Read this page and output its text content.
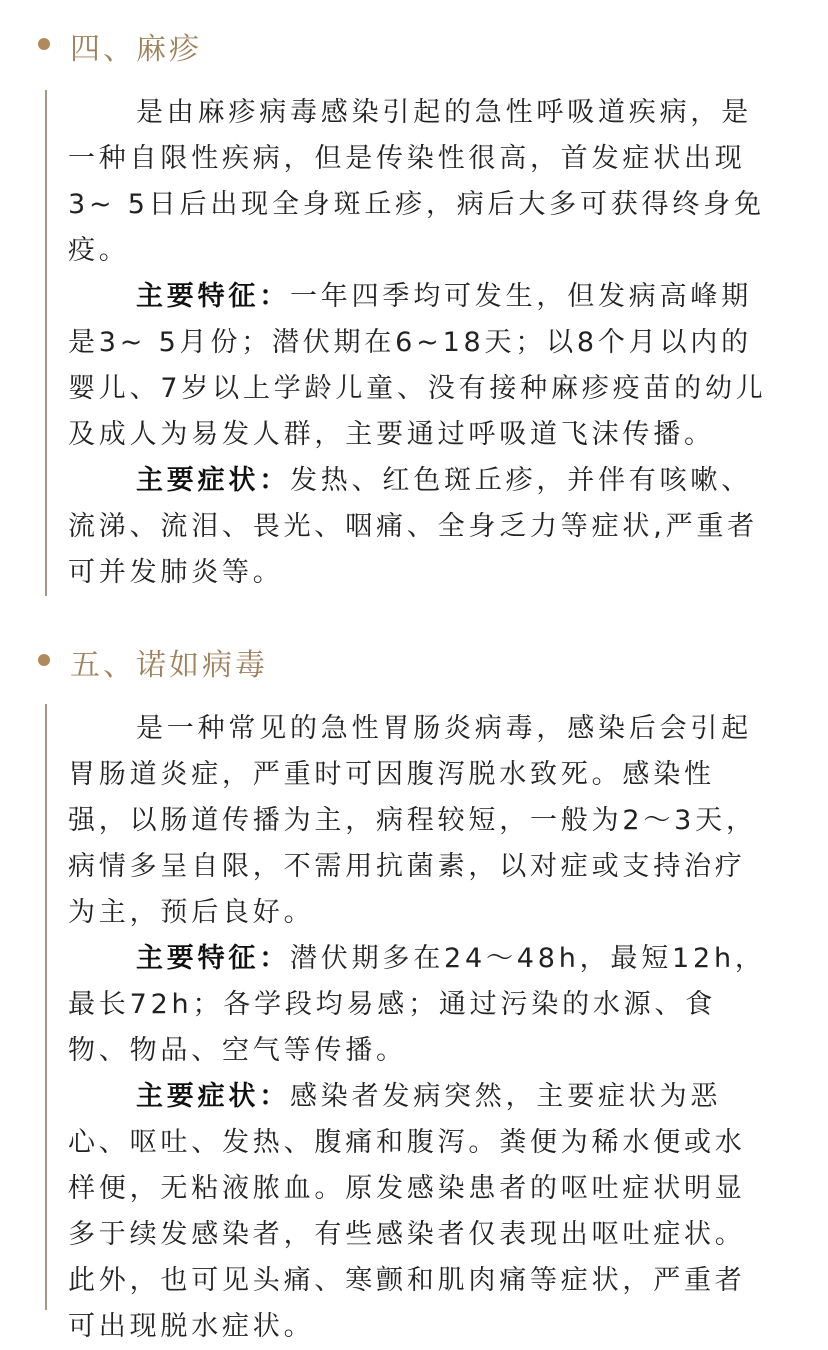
四、麻疹

是由麻疹病毒感染引起的急性呼吸道疾病，是一种自限性疾病，但是传染性很高，首发症状出现3~ 5日后出现全身斑丘疹，病后大多可获得终身免疫。

主要特征：一年四季均可发生，但发病高峰期是3~ 5月份；潜伏期在6~18天；以8个月以内的婴儿、7岁以上学龄儿童、没有接种麻疹疫苗的幼儿及成人为易发人群，主要通过呼吸道飞沫传播。

主要症状：发热、红色斑丘疹，并伴有咳嗽、流涕、流泪、畏光、咽痛、全身乏力等症状,严重者可并发肺炎等。

五、诺如病毒

是一种常见的急性胃肠炎病毒，感染后会引起胃肠道炎症，严重时可因腹泻脱水致死。感染性强，以肠道传播为主，病程较短，一般为2～3天，病情多呈自限，不需用抗菌素，以对症或支持治疗为主，预后良好。

主要特征：潜伏期多在24～48h，最短12h，最长72h；各学段均易感；通过污染的水源、食物、物品、空气等传播。

主要症状：感染者发病突然，主要症状为恶心、呕吐、发热、腹痛和腹泻。粪便为稀水便或水样便，无粘液脓血。原发感染患者的呕吐症状明显多于续发感染者，有些感染者仅表现出呕吐症状。此外，也可见头痛、寒颤和肌肉痛等症状，严重者可出现脱水症状。
